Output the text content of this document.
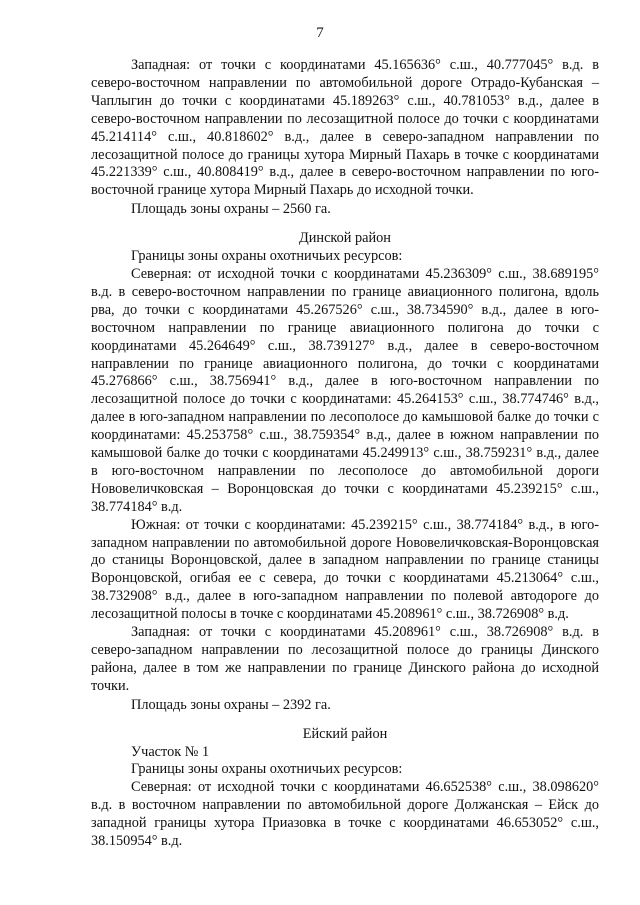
7

Западная: от точки с координатами 45.165636° с.ш., 40.777045° в.д. в северо-восточном направлении по автомобильной дороге Отрадо-Кубанская – Чаплыгин до точки с координатами 45.189263° с.ш., 40.781053° в.д., далее в северо-восточном направлении по лесозащитной полосе до точки с координатами 45.214114° с.ш., 40.818602° в.д., далее в северо-западном направлении по лесозащитной полосе до границы хутора Мирный Пахарь в точке с координатами 45.221339° с.ш., 40.808419° в.д., далее в северо-восточном направлении по юго-восточной границе хутора Мирный Пахарь до исходной точки.

Площадь зоны охраны – 2560 га.

Динской район

Границы зоны охраны охотничьих ресурсов:

Северная: от исходной точки с координатами 45.236309° с.ш., 38.689195° в.д. в северо-восточном направлении по границе авиационного полигона, вдоль рва, до точки с координатами 45.267526° с.ш., 38.734590° в.д., далее в юго-восточном направлении по границе авиационного полигона до точки с координатами 45.264649° с.ш., 38.739127° в.д., далее в северо-восточном направлении по границе авиационного полигона, до точки с координатами 45.276866° с.ш., 38.756941° в.д., далее в юго-восточном направлении по лесозащитной полосе до точки с координатами: 45.264153° с.ш., 38.774746° в.д., далее в юго-западном направлении по лесополосе до камышовой балке до точки с координатами: 45.253758° с.ш., 38.759354° в.д., далее в южном направлении по камышовой балке до точки с координатами 45.249913° с.ш., 38.759231° в.д., далее в юго-восточном направлении по лесополосе до автомобильной дороги Нововеличковская – Воронцовская до точки с координатами 45.239215° с.ш., 38.774184° в.д.

Южная: от точки с координатами: 45.239215° с.ш., 38.774184° в.д., в юго-западном направлении по автомобильной дороге Нововеличковская-Воронцовская до станицы Воронцовской, далее в западном направлении по границе станицы Воронцовской, огибая ее с севера, до точки с координатами 45.213064° с.ш., 38.732908° в.д., далее в юго-западном направлении по полевой автодороге до лесозащитной полосы в точке с координатами 45.208961° с.ш., 38.726908° в.д.

Западная: от точки с координатами 45.208961° с.ш., 38.726908° в.д. в северо-западном направлении по лесозащитной полосе до границы Динского района, далее в том же направлении по границе Динского района до исходной точки.

Площадь зоны охраны – 2392 га.

Ейский район

Участок № 1

Границы зоны охраны охотничьих ресурсов:

Северная: от исходной точки с координатами 46.652538° с.ш., 38.098620° в.д. в восточном направлении по автомобильной дороге Должанская – Ейск до западной границы хутора Приазовка в точке с координатами 46.653052° с.ш., 38.150954° в.д.
